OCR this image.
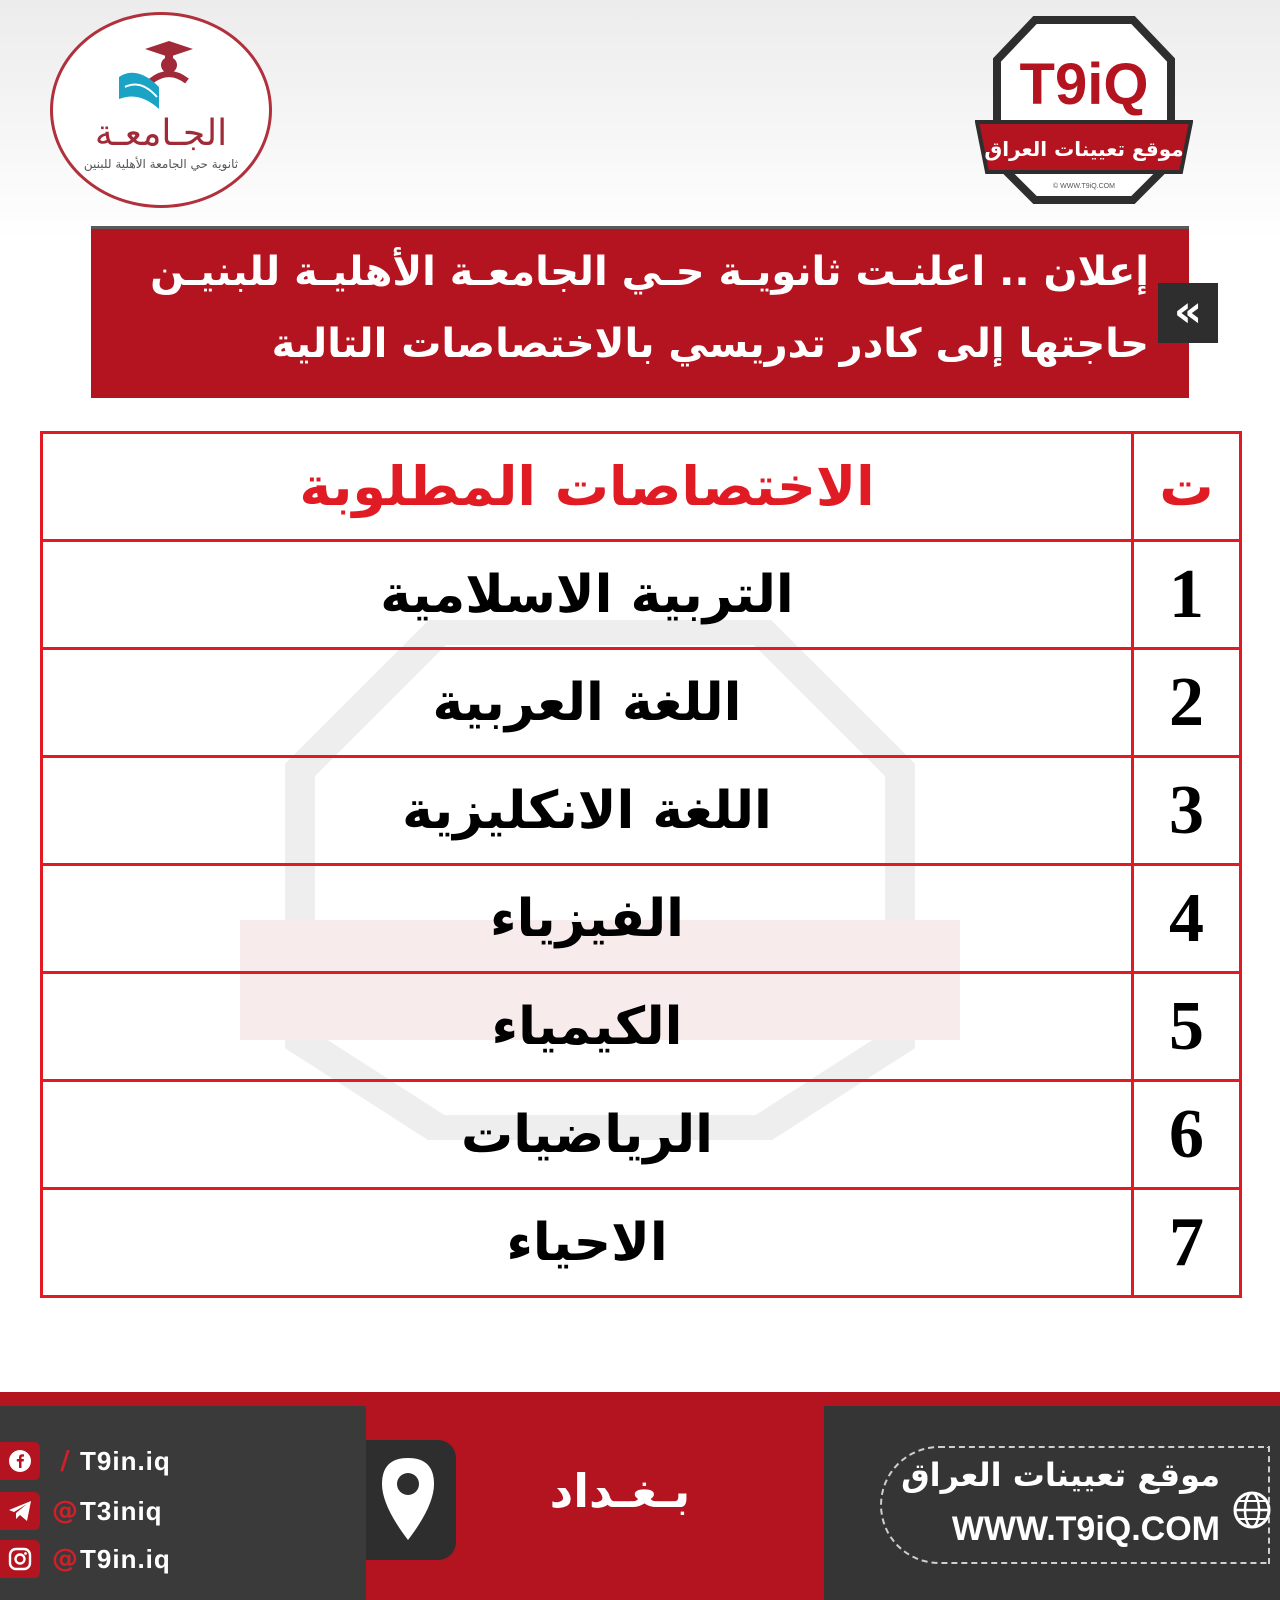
الجـامعـة
ثانوية حي الجامعة الأهلية للبنين
T9iQ
موقع تعيينات العراق
© WWW.T9iQ.COM
إعلان .. اعلنـت ثانويـة حـي الجامعـة الأهليـة للبنيـن
حاجتها إلى كادر تدريسي بالاختصاصات التالية
«
ت	الاختصاصات المطلوبة
1	التربية الاسلامية
2	اللغة العربية
3	اللغة الانكليزية
4	الفيزياء
5	الكيمياء
6	الرياضيات
7	الاحياء
/ T9in.iq
@ T3iniq
@ T9in.iq
بـغـداد	موقع تعيينات العراق
WWW.T9iQ.COM
